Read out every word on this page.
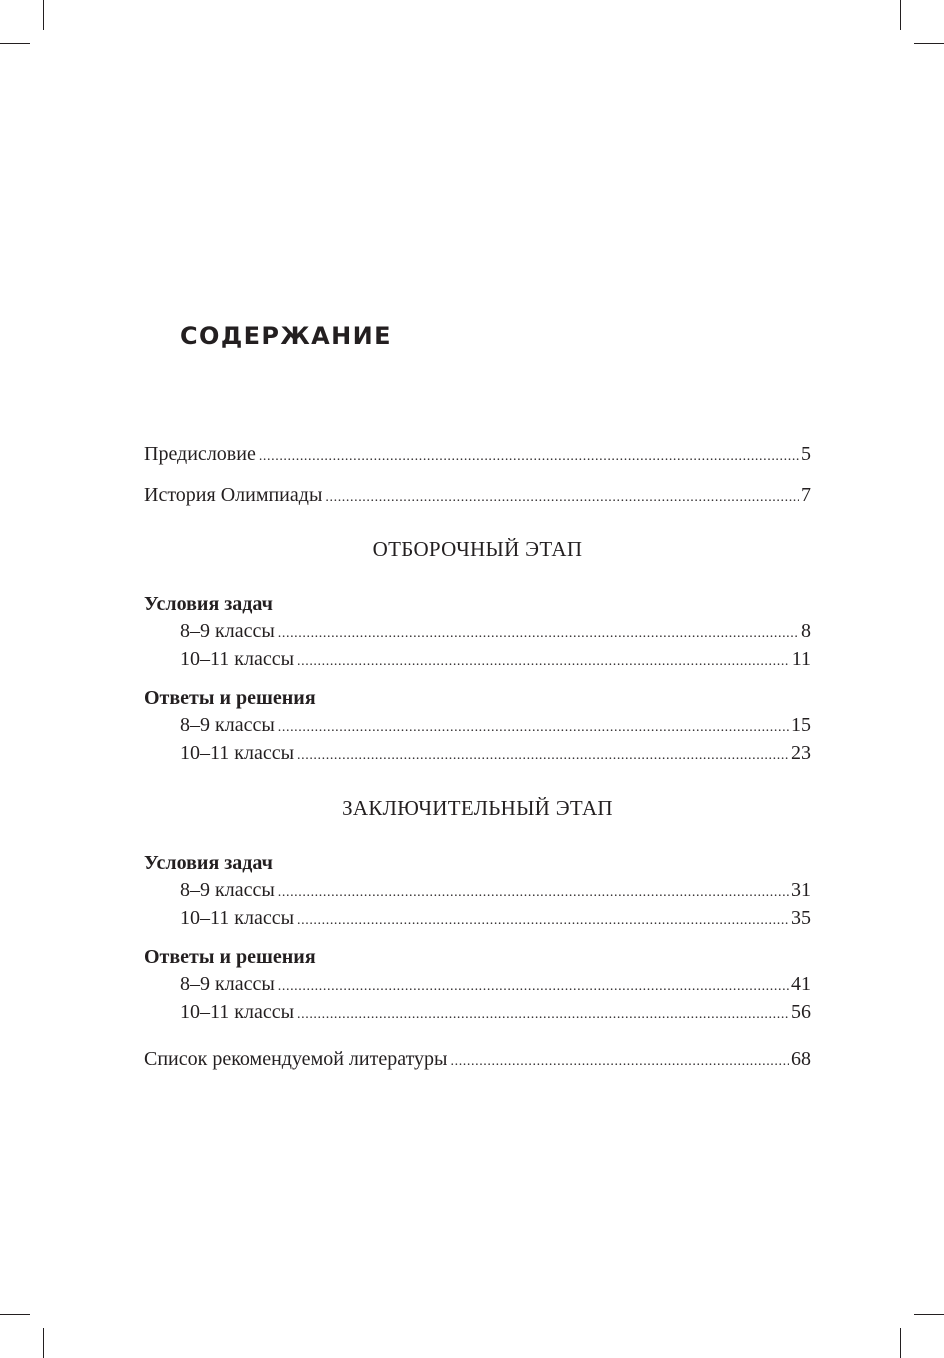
СОДЕРЖАНИЕ
Предисловие .....	5
История Олимпиады .....	7
ОТБОРОЧНЫЙ ЭТАП
Условия задач
8–9 классы .....	8
10–11 классы .....	11
Ответы и решения
8–9 классы .....	15
10–11 классы .....	23
ЗАКЛЮЧИТЕЛЬНЫЙ ЭТАП
Условия задач
8–9 классы .....	31
10–11 классы .....	35
Ответы и решения
8–9 классы .....	41
10–11 классы .....	56
Список рекомендуемой литературы .....	68
